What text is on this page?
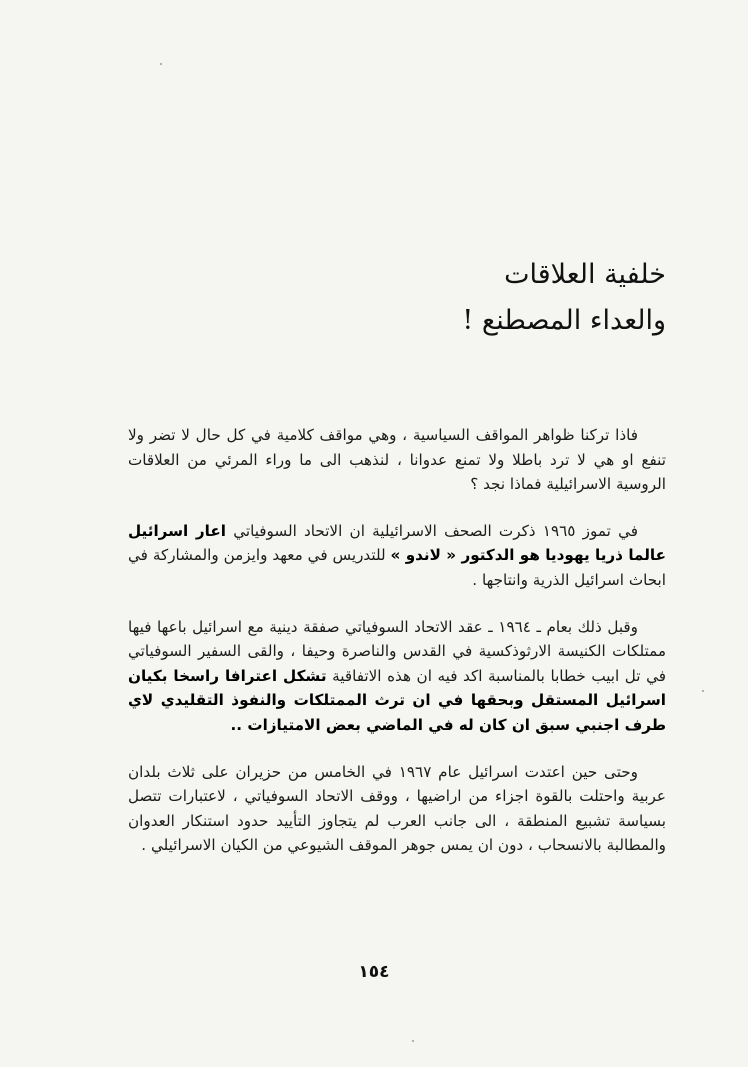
خلفية العلاقات
والعداء المصطنع !

فاذا تركنا ظواهر المواقف السياسية ، وهي مواقف كلامية في كل حال لا تضر ولا تنفع او هي لا ترد باطلا ولا تمنع عدوانا ، لنذهب الى ما وراء المرئي من العلاقات الروسية الاسرائيلية فماذا نجد ؟

في تموز ١٩٦٥ ذكرت الصحف الاسرائيلية ان الاتحاد السوفياتي اعار اسرائيل عالما ذريا يهوديا هو الدكتور « لاندو » للتدريس في معهد وايزمن والمشاركة في ابحاث اسرائيل الذرية وانتاجها .

وقبل ذلك بعام ـ ١٩٦٤ ـ عقد الاتحاد السوفياتي صفقة دينية مع اسرائيل باعها فيها ممتلكات الكنيسة الارثوذكسية في القدس والناصرة وحيفا ، والقى السفير السوفياتي في تل ابيب خطابا بالمناسبة اكد فيه ان هذه الاتفاقية تشكل اعترافا راسخا بكيان اسرائيل المستقل وبحقها في ان ترث الممتلكات والنفوذ التقليدي لاي طرف اجنبي سبق ان كان له في الماضي بعض الامتيازات ..

وحتى حين اعتدت اسرائيل عام ١٩٦٧ في الخامس من حزيران على ثلاث بلدان عربية واحتلت بالقوة اجزاء من اراضيها ، ووقف الاتحاد السوفياتي ، لاعتبارات تتصل بسياسة تشبيع المنطقة ، الى جانب العرب لم يتجاوز التأييد حدود استنكار العدوان والمطالبة بالانسحاب ، دون ان يمس جوهر الموقف الشيوعي من الكيان الاسرائيلي .

١٥٤
